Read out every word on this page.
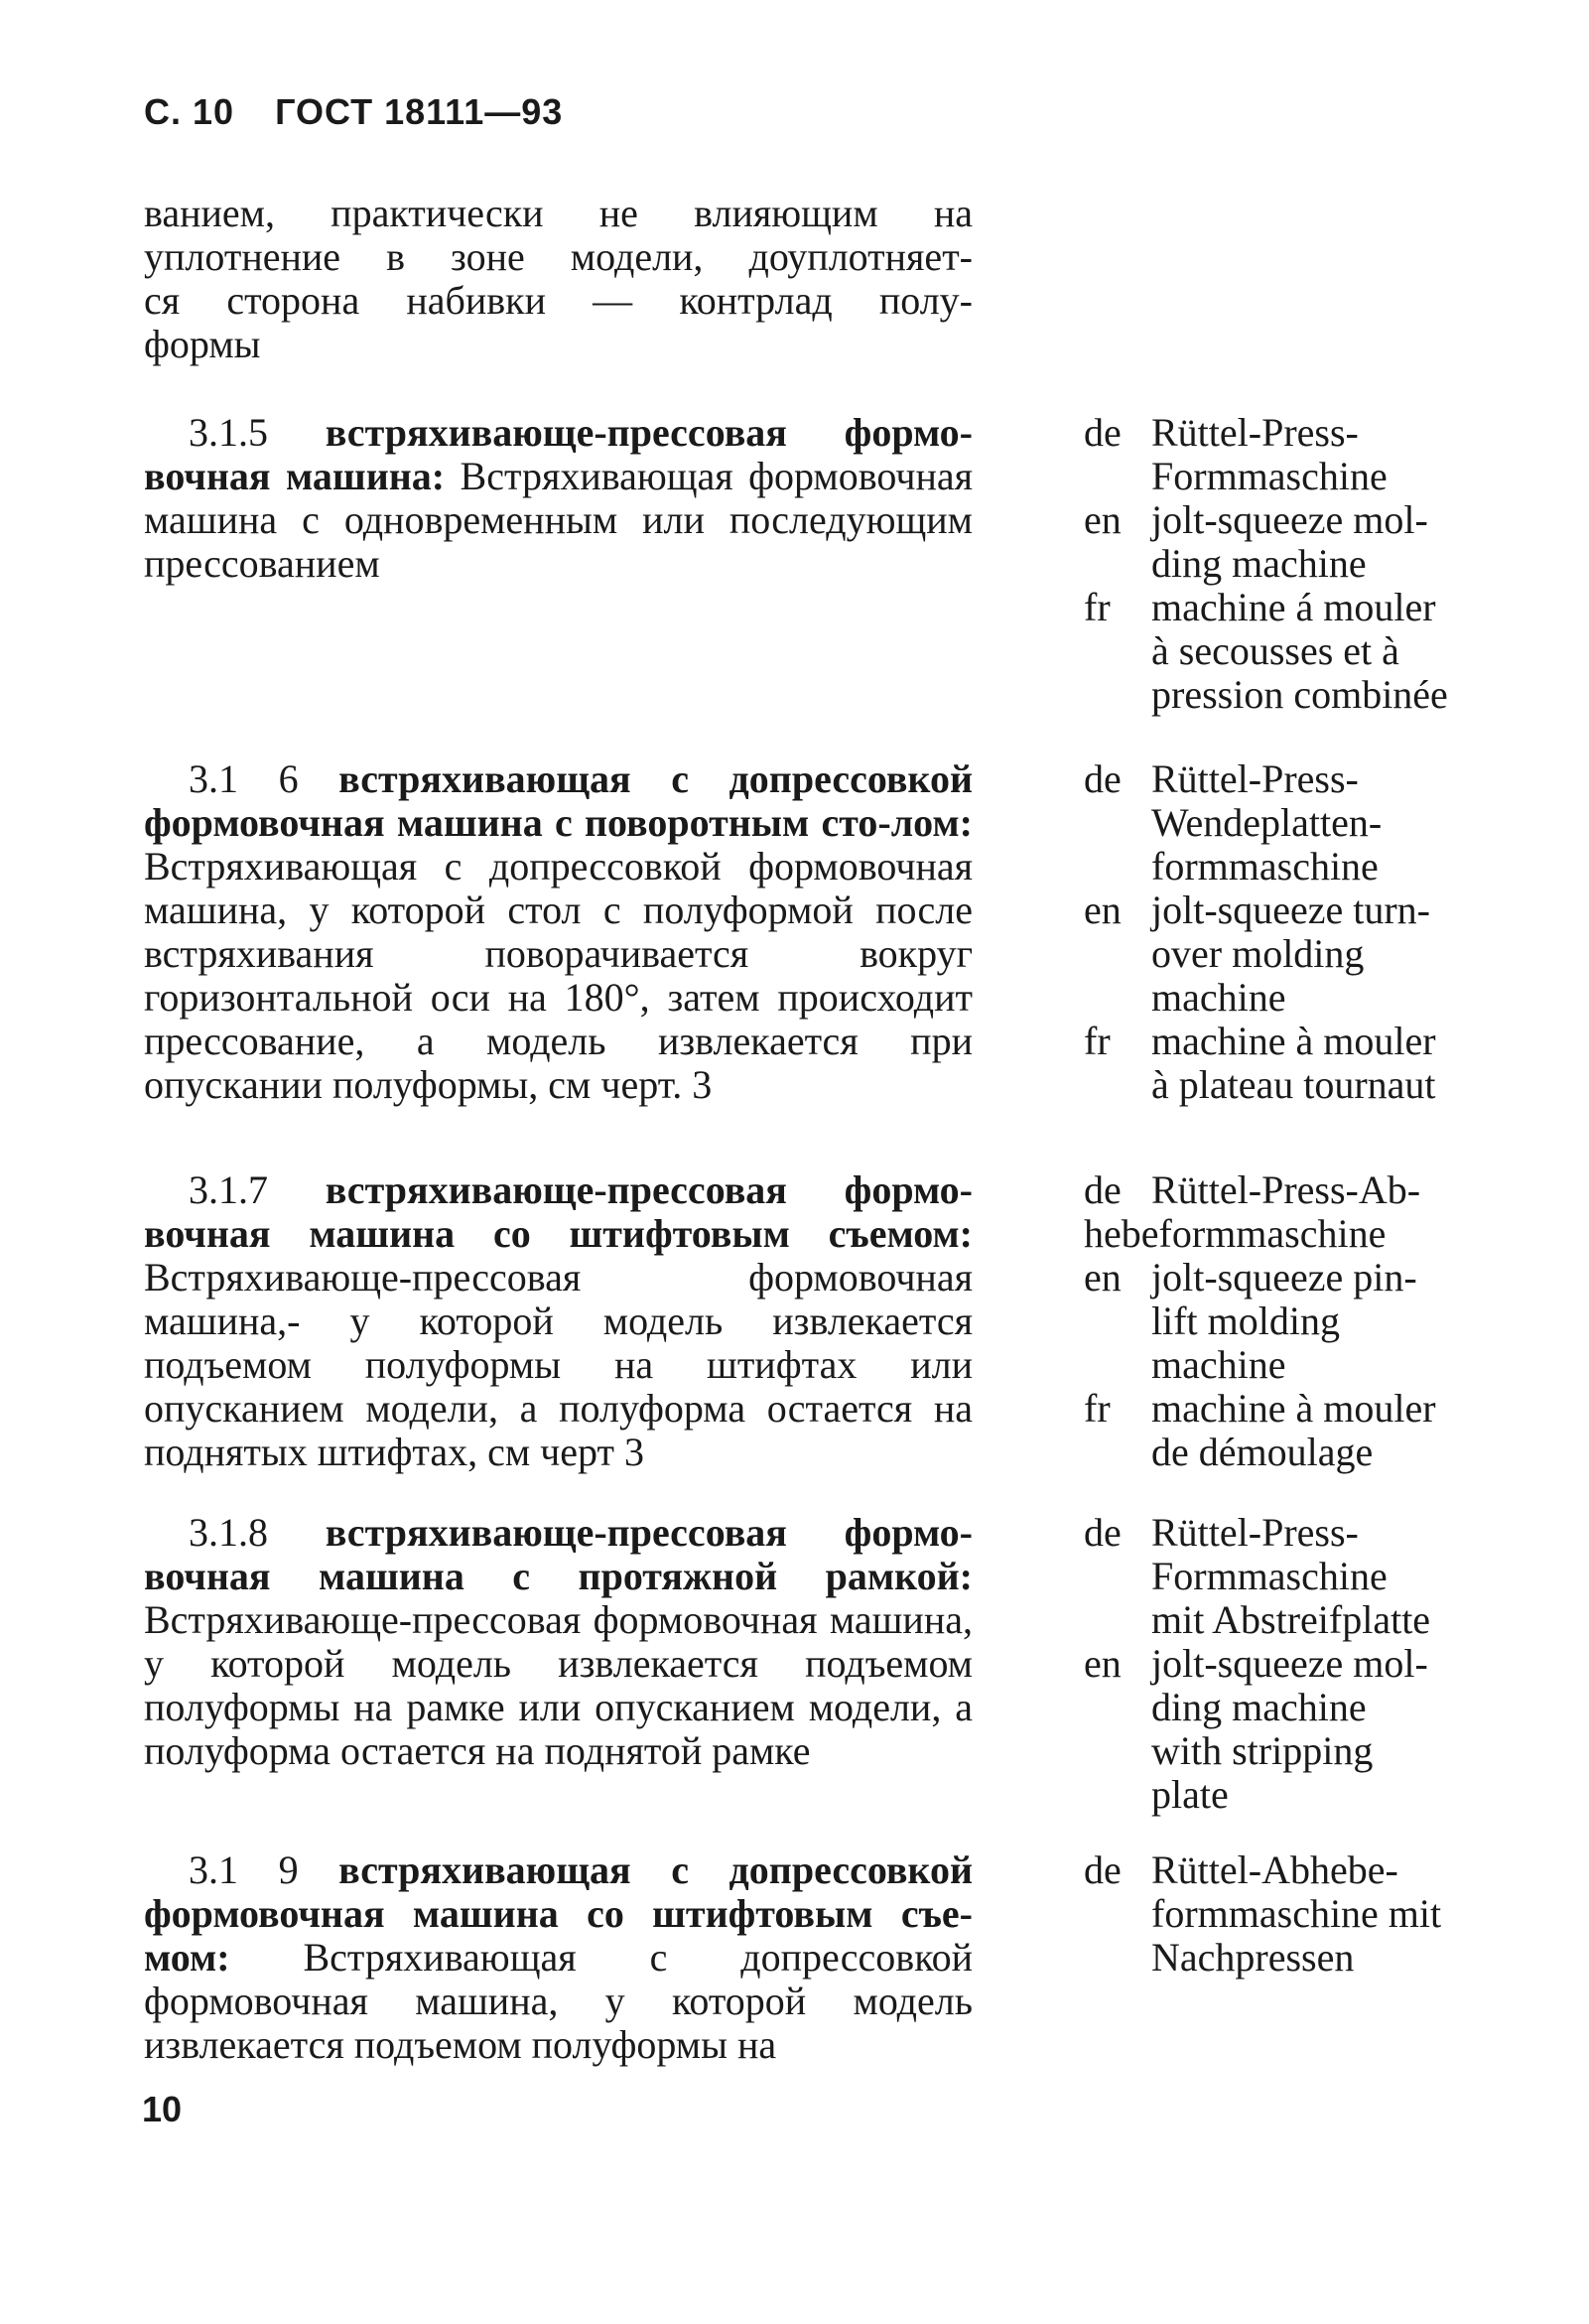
С. 10 ГОСТ 18111—93

ванием, практически не влияющим на

уплотнение в зоне модели, доуплотняет-

ся сторона набивки — контрлад полу-

формы

3.1.5 встряхивающе-прессовая формо-вочная машина: Встряхивающая формовочная машина с одновременным или последующим прессованием

de Rüttel-Press-
Formmaschine
en jolt-squeeze mol-
ding machine
fr	machine á mouler
à secousses et à
pression combinée

3.1 6 встряхивающая с допрессовкой формовочная машина с поворотным сто-лом: Встряхивающая с допрессовкой формовочная машина, у которой стол с полуформой после встряхивания поворачивается вокруг горизонтальной оси на 180°, затем происходит прессование, а модель извлекается при опускании полуформы, см черт. 3

de Rüttel-Press-
Wendeplatten-
formmaschine
en jolt-squeeze turn-
over molding
machine
fr	machine à mouler
à plateau tournaut

3.1.7 встряхивающе-прессовая формо-вочная машина со штифтовым съемом: Встряхивающе-прессовая формовочная машина,- у которой модель извлекается подъемом полуформы на штифтах или опусканием модели, а полуформа остается на поднятых штифтах, см черт 3

de Rüttel-Press-Ab-
hebeformmaschine
en jolt-squeeze pin-
lift molding
machine
fr	machine à mouler
de démoulage

3.1.8 встряхивающе-прессовая формо-вочная машина с протяжной рамкой: Встряхивающе-прессовая формовочная машина, у которой модель извлекается подъемом полуформы на рамке или опусканием модели, а полуформа остается на поднятой рамке

de Rüttel-Press-
Formmaschine
mit Abstreifplatte
en jolt-squeeze mol-
ding machine
with stripping
plate

3.1 9 встряхивающая с допрессовкой формовочная машина со штифтовым съе-мом: Встряхивающая с допрессовкой формовочная машина, у которой модель извлекается подъемом полуформы на

de Rüttel-Abhebe-
formmaschine mit
Nachpressen
10
